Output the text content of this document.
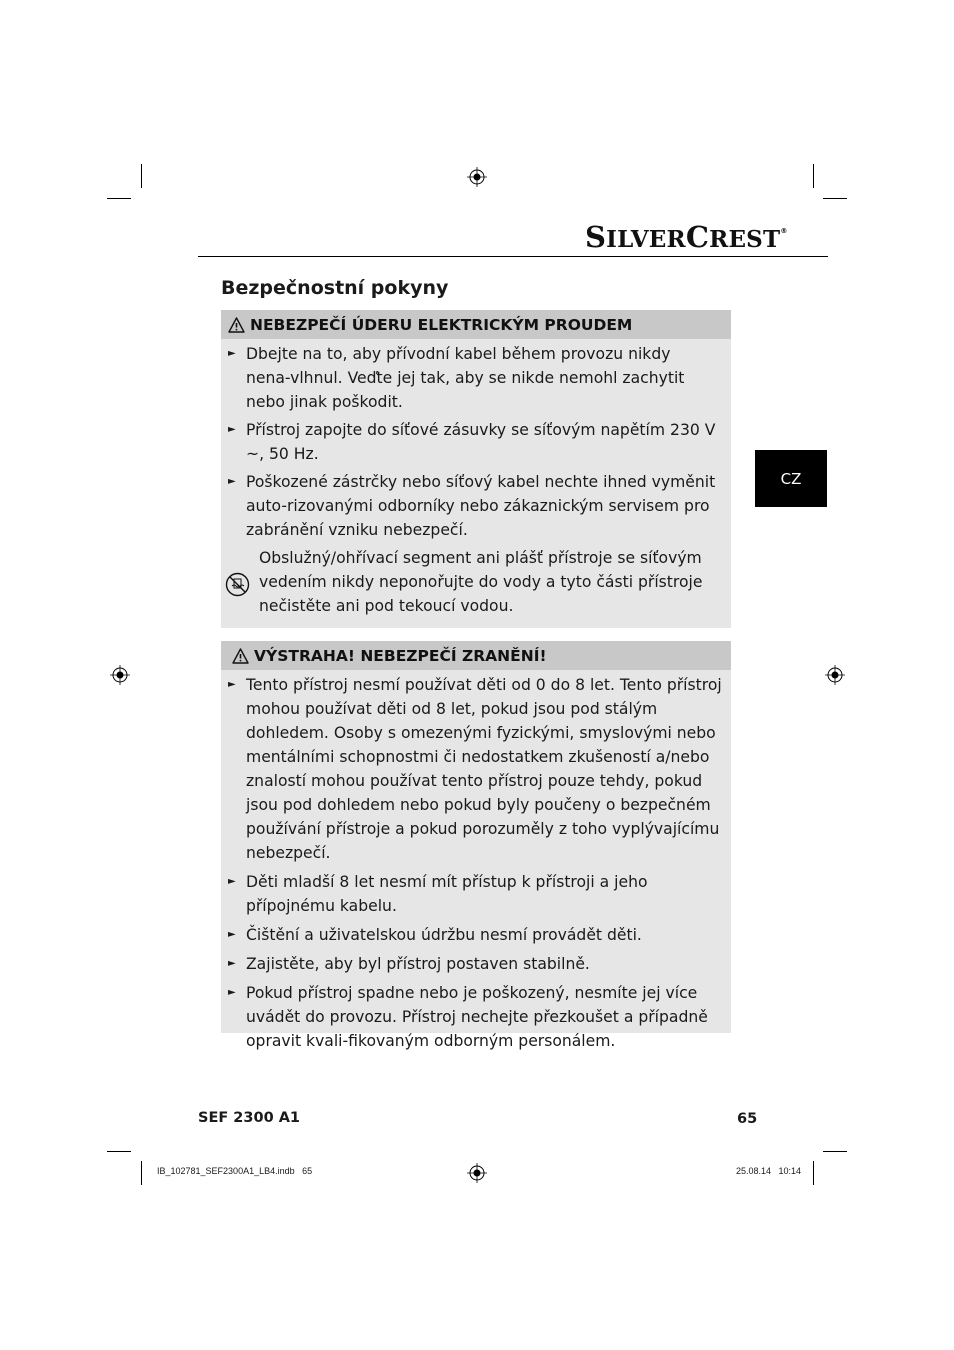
SILVERCREST®
CZ
Bezpečnostní pokyny
NEBEZPEČÍ ÚDERU ELEKTRICKÝM PROUDEM
► Dbejte na to, aby přívodní kabel během provozu nikdy nena-vlhnul. Veďte jej tak, aby se nikde nemohl zachytit nebo jinak poškodit.
► Přístroj zapojte do síťové zásuvky se síťovým napětím 230 V ~, 50 Hz.
► Poškozené zástrčky nebo síťový kabel nechte ihned vyměnit auto-rizovanými odborníky nebo zákaznickým servisem pro zabránění vzniku nebezpečí.
Obslužný/ohřívací segment ani plášť přístroje se síťovým vedením nikdy neponořujte do vody a tyto části přístroje nečistěte ani pod tekoucí vodou.
VÝSTRAHA! NEBEZPEČÍ ZRANĚNÍ!
► Tento přístroj nesmí používat děti od 0 do 8 let. Tento přístroj mohou používat děti od 8 let, pokud jsou pod stálým dohledem. Osoby s omezenými fyzickými, smyslovými nebo mentálními schopnostmi či nedostatkem zkušeností a/nebo znalostí mohou používat tento přístroj pouze tehdy, pokud jsou pod dohledem nebo pokud byly poučeny o bezpečném používání přístroje a pokud porozuměly z toho vyplývajícímu nebezpečí.
► Děti mladší 8 let nesmí mít přístup k přístroji a jeho přípojnému kabelu.
► Čištění a uživatelskou údržbu nesmí provádět děti.
► Zajistěte, aby byl přístroj postaven stabilně.
► Pokud přístroj spadne nebo je poškozený, nesmíte jej více uvádět do provozu. Přístroj nechejte přezkoušet a případně opravit kvali-fikovaným odborným personálem.
SEF 2300 A1	65
IB_102781_SEF2300A1_LB4.indb   65	25.08.14   10:14
